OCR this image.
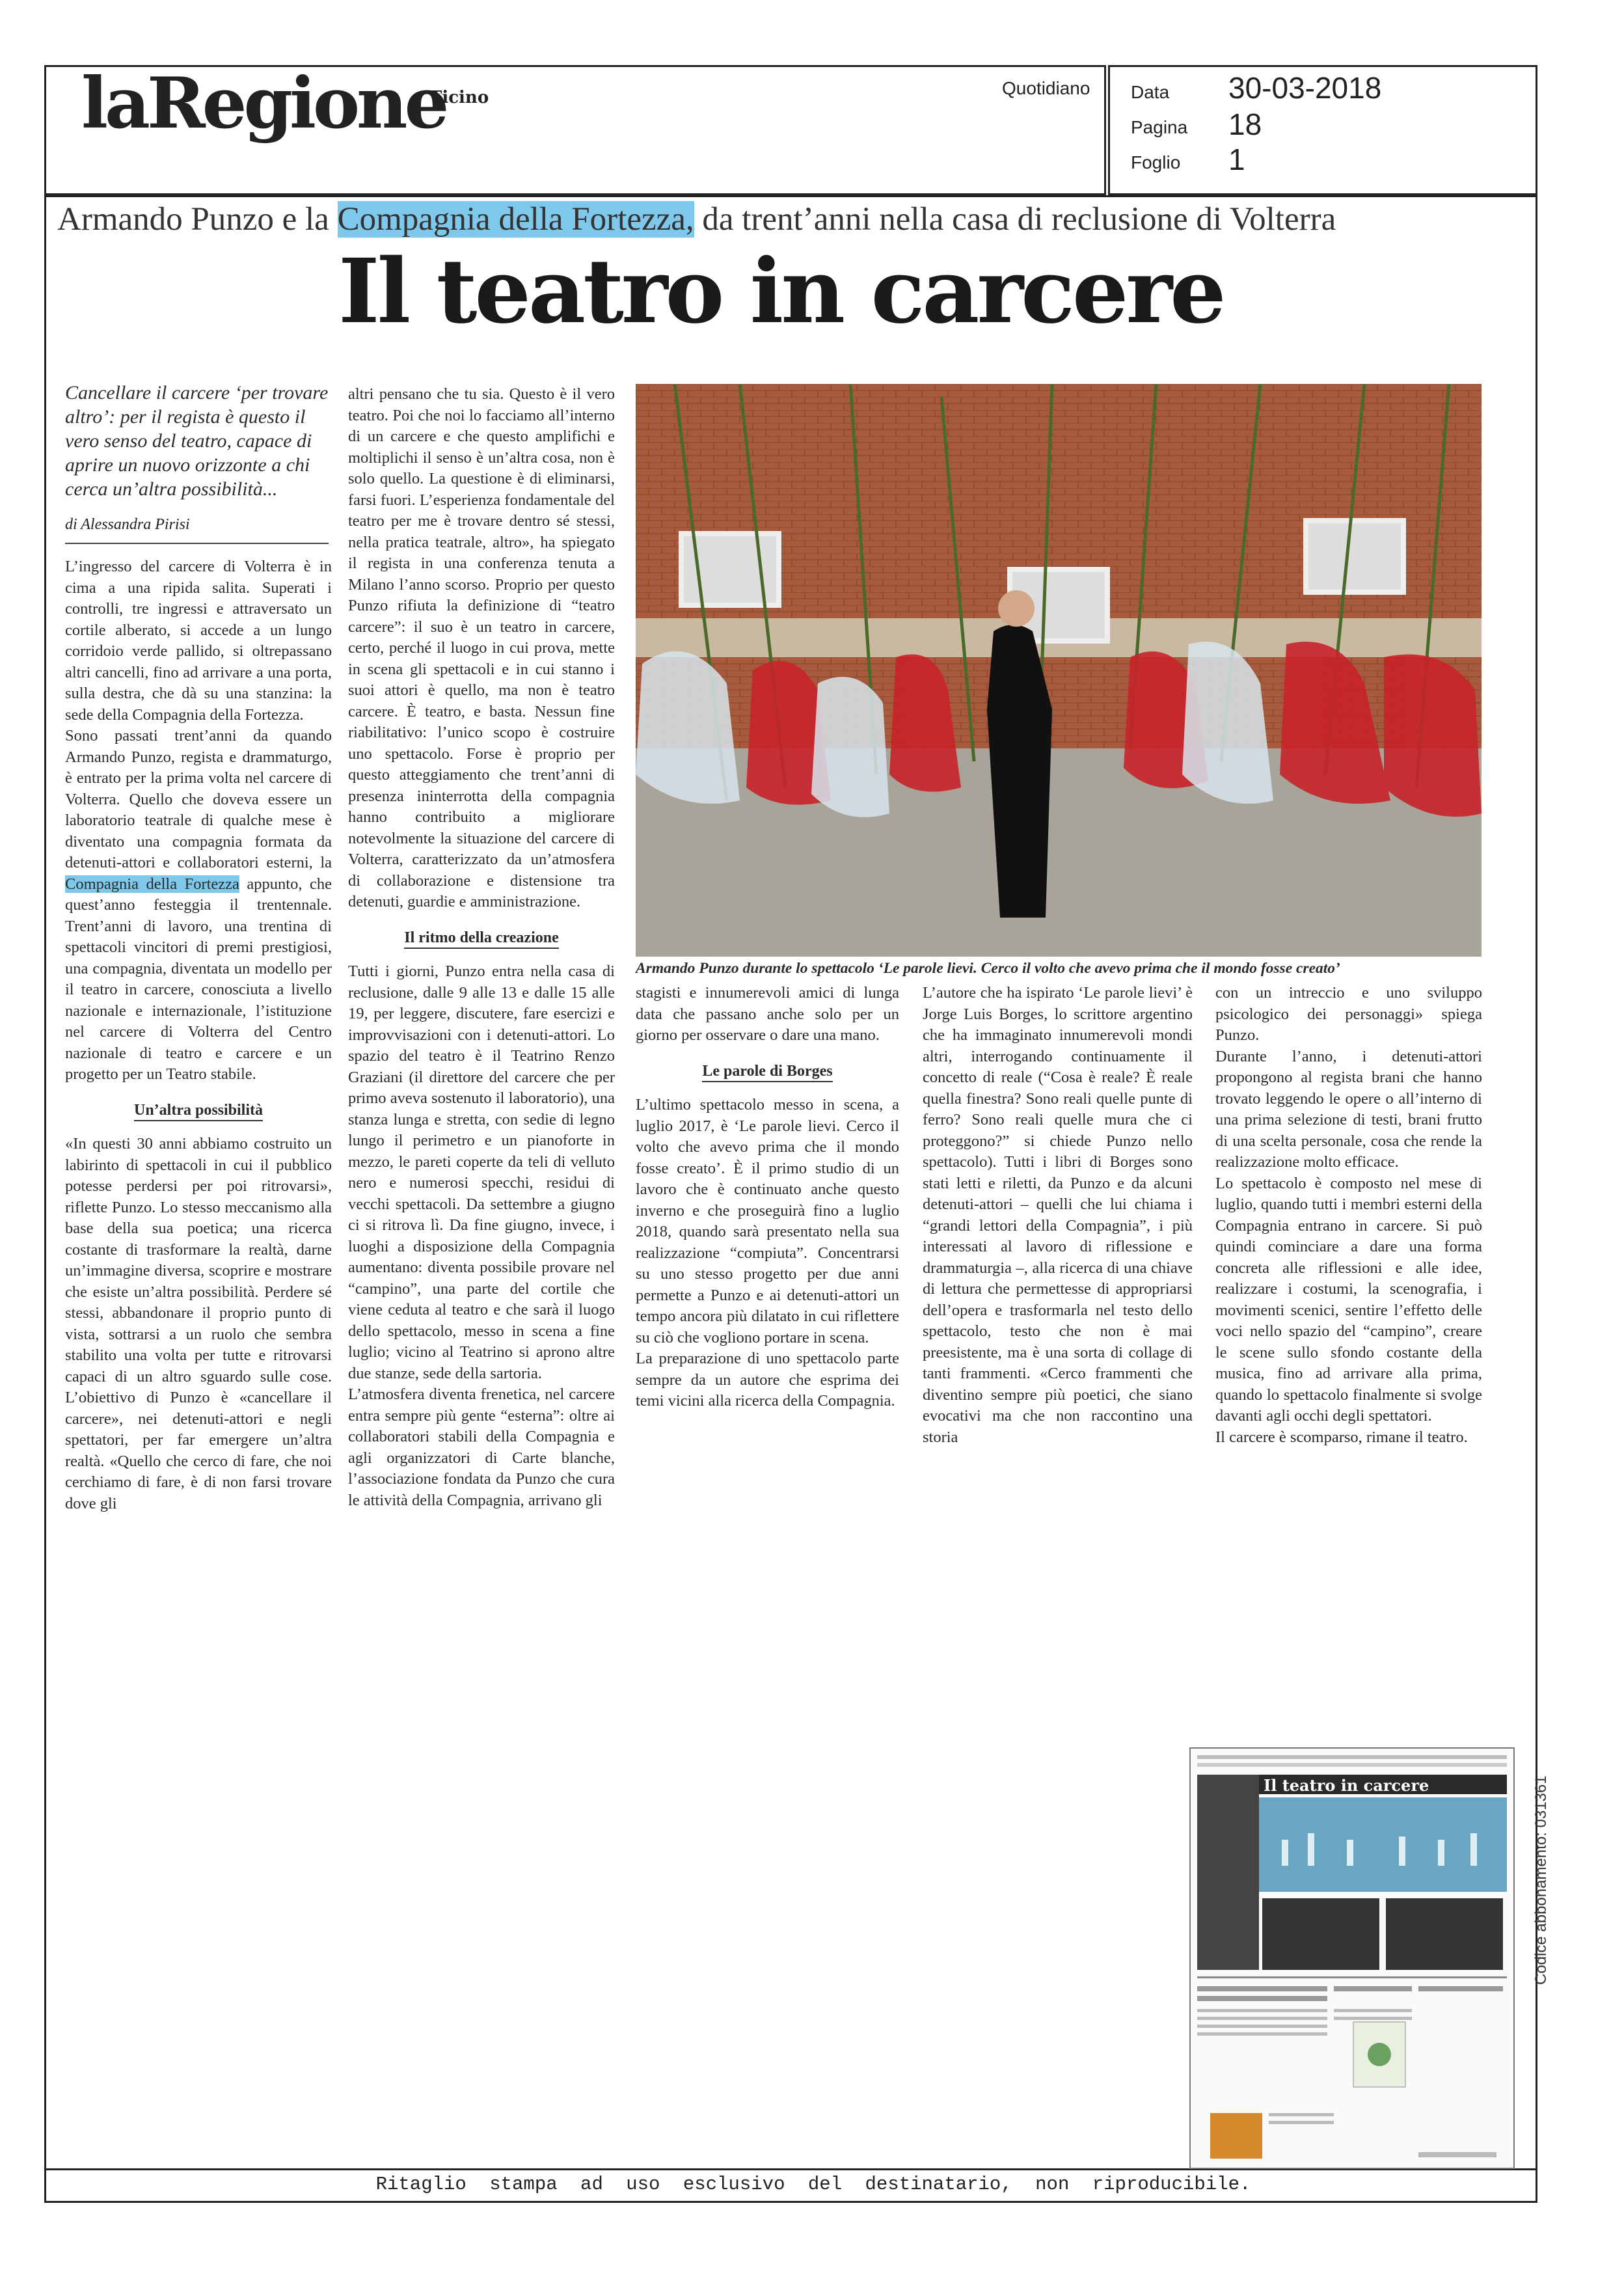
laRegione
Ticino	Quotidiano Data 30-03-2018
Pagina 18
Foglio 1
Armando Punzo e la Compagnia della Fortezza, da trent’anni nella casa di reclusione di Volterra
Il teatro in carcere
Cancellare il carcere ‘per trovare altro’: per il regista è questo il vero senso del teatro, capace di aprire un nuovo orizzonte a chi cerca un’altra possibilità...
di Alessandra Pirisi

L’ingresso del carcere di Volterra è in cima a una ripida salita. Superati i controlli, tre ingressi e attraversato un cortile alberato, si accede a un lungo corridoio verde pallido, si oltrepassano altri cancelli, fino ad arrivare a una porta, sulla destra, che dà su una stanzina: la sede della Compagnia della Fortezza.

Sono passati trent’anni da quando Armando Punzo, regista e drammaturgo, è entrato per la prima volta nel carcere di Volterra. Quello che doveva essere un laboratorio teatrale di qualche mese è diventato una compagnia formata da detenuti-attori e collaboratori esterni, la Compagnia della Fortezza appunto, che quest’anno festeggia il trentennale. Trent’anni di lavoro, una trentina di spettacoli vincitori di premi prestigiosi, una compagnia, diventata un modello per il teatro in carcere, conosciuta a livello nazionale e internazionale, l’istituzione nel carcere di Volterra del Centro nazionale di teatro e carcere e un progetto per un Teatro stabile.

Un’altra possibilità

«In questi 30 anni abbiamo costruito un labirinto di spettacoli in cui il pubblico potesse perdersi per poi ritrovarsi», riflette Punzo. Lo stesso meccanismo alla base della sua poetica; una ricerca costante di trasformare la realtà, darne un’immagine diversa, scoprire e mostrare che esiste un’altra possibilità. Perdere sé stessi, abbandonare il proprio punto di vista, sottrarsi a un ruolo che sembra stabilito una volta per tutte e ritrovarsi capaci di un altro sguardo sulle cose. L’obiettivo di Punzo è «cancellare il carcere», nei detenuti-attori e negli spettatori, per far emergere un’altra realtà. «Quello che cerco di fare, che noi cerchiamo di fare, è di non farsi trovare dove gli

altri pensano che tu sia. Questo è il vero teatro. Poi che noi lo facciamo all’interno di un carcere e che questo amplifichi e moltiplichi il senso è un’altra cosa, non è solo quello. La questione è di eliminarsi, farsi fuori. L’esperienza fondamentale del teatro per me è trovare dentro sé stessi, nella pratica teatrale, altro», ha spiegato il regista in una conferenza tenuta a Milano l’anno scorso. Proprio per questo Punzo rifiuta la definizione di “teatro carcere”: il suo è un teatro in carcere, certo, perché il luogo in cui prova, mette in scena gli spettacoli e in cui stanno i suoi attori è quello, ma non è teatro carcere. È teatro, e basta. Nessun fine riabilitativo: l’unico scopo è costruire uno spettacolo. Forse è proprio per questo atteggiamento che trent’anni di presenza ininterrotta della compagnia hanno contribuito a migliorare notevolmente la situazione del carcere di Volterra, caratterizzato da un’atmosfera di collaborazione e distensione tra detenuti, guardie e amministrazione.

Il ritmo della creazione

Tutti i giorni, Punzo entra nella casa di reclusione, dalle 9 alle 13 e dalle 15 alle 19, per leggere, discutere, fare esercizi e improvvisazioni con i detenuti-attori. Lo spazio del teatro è il Teatrino Renzo Graziani (il direttore del carcere che per primo aveva sostenuto il laboratorio), una stanza lunga e stretta, con sedie di legno lungo il perimetro e un pianoforte in mezzo, le pareti coperte da teli di velluto nero e numerosi specchi, residui di vecchi spettacoli. Da settembre a giugno ci si ritrova lì. Da fine giugno, invece, i luoghi a disposizione della Compagnia aumentano: diventa possibile provare nel “campino”, una parte del cortile che viene ceduta al teatro e che sarà il luogo dello spettacolo, messo in scena a fine luglio; vicino al Teatrino si aprono altre due stanze, sede della sartoria.

L’atmosfera diventa frenetica, nel carcere entra sempre più gente “esterna”: oltre ai collaboratori stabili della Compagnia e agli organizzatori di Carte blanche, l’associazione fondata da Punzo che cura le attività della Compagnia, arrivano gli

Armando Punzo durante lo spettacolo ‘Le parole lievi. Cerco il volto che avevo prima che il mondo fosse creato’

stagisti e innumerevoli amici di lunga data che passano anche solo per un giorno per osservare o dare una mano.

Le parole di Borges

L’ultimo spettacolo messo in scena, a luglio 2017, è ‘Le parole lievi. Cerco il volto che avevo prima che il mondo fosse creato’. È il primo studio di un lavoro che è continuato anche questo inverno e che proseguirà fino a luglio 2018, quando sarà presentato nella sua realizzazione “compiuta”. Concentrarsi su uno stesso progetto per due anni permette a Punzo e ai detenuti-attori un tempo ancora più dilatato in cui riflettere su ciò che vogliono portare in scena.

La preparazione di uno spettacolo parte sempre da un autore che esprima dei temi vicini alla ricerca della Compagnia.

L’autore che ha ispirato ‘Le parole lievi’ è Jorge Luis Borges, lo scrittore argentino che ha immaginato innumerevoli mondi altri, interrogando continuamente il concetto di reale (“Cosa è reale? È reale quella finestra? Sono reali quelle punte di ferro? Sono reali quelle mura che ci proteggono?” si chiede Punzo nello spettacolo). Tutti i libri di Borges sono stati letti e riletti, da Punzo e da alcuni detenuti-attori – quelli che lui chiama i “grandi lettori della Compagnia”, i più interessati al lavoro di riflessione e drammaturgia –, alla ricerca di una chiave di lettura che permettesse di appropriarsi dell’opera e trasformarla nel testo dello spettacolo, testo che non è mai preesistente, ma è una sorta di collage di tanti frammenti. «Cerco frammenti che diventino sempre più poetici, che siano evocativi ma che non raccontino una storia

con un intreccio e uno sviluppo psicologico dei personaggi» spiega Punzo.

Durante l’anno, i detenuti-attori propongono al regista brani che hanno trovato leggendo le opere o all’interno di una prima selezione di testi, brani frutto di una scelta personale, cosa che rende la realizzazione molto efficace.

Lo spettacolo è composto nel mese di luglio, quando tutti i membri esterni della Compagnia entrano in carcere. Si può quindi cominciare a dare una forma concreta alle riflessioni e alle idee, realizzare i costumi, la scenografia, i movimenti scenici, sentire l’effetto delle voci nello spazio del “campino”, creare le scene sullo sfondo costante della musica, fino ad arrivare alla prima, quando lo spettacolo finalmente si svolge davanti agli occhi degli spettatori.

Il carcere è scomparso, rimane il teatro.

Il teatro in carcere	Codice abbonamento: 031361
Ritaglio stampa ad uso esclusivo del destinatario, non riproducibile.
